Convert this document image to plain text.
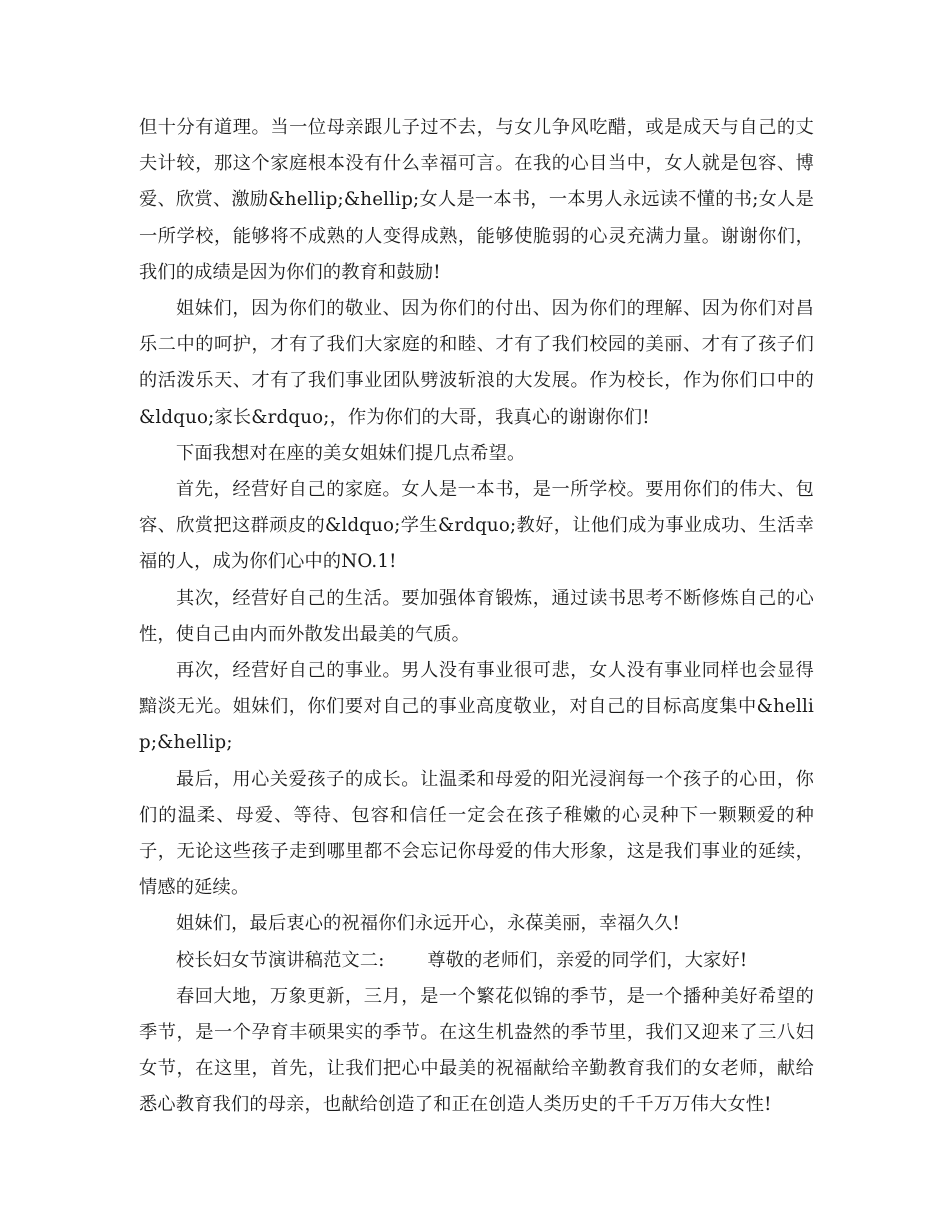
但十分有道理。当一位母亲跟儿子过不去，与女儿争风吃醋，或是成天与自己的丈夫计较，那这个家庭根本没有什么幸福可言。在我的心目当中，女人就是包容、博爱、欣赏、激励&hellip;&hellip;女人是一本书，一本男人永远读不懂的书;女人是一所学校，能够将不成熟的人变得成熟，能够使脆弱的心灵充满力量。谢谢你们，我们的成绩是因为你们的教育和鼓励!

姐妹们，因为你们的敬业、因为你们的付出、因为你们的理解、因为你们对昌乐二中的呵护，才有了我们大家庭的和睦、才有了我们校园的美丽、才有了孩子们的活泼乐天、才有了我们事业团队劈波斩浪的大发展。作为校长，作为你们口中的&ldquo;家长&rdquo;，作为你们的大哥，我真心的谢谢你们!

下面我想对在座的美女姐妹们提几点希望。

首先，经营好自己的家庭。女人是一本书，是一所学校。要用你们的伟大、包容、欣赏把这群顽皮的&ldquo;学生&rdquo;教好，让他们成为事业成功、生活幸福的人，成为你们心中的NO.1!

其次，经营好自己的生活。要加强体育锻炼，通过读书思考不断修炼自己的心性，使自己由内而外散发出最美的气质。

再次，经营好自己的事业。男人没有事业很可悲，女人没有事业同样也会显得黯淡无光。姐妹们，你们要对自己的事业高度敬业，对自己的目标高度集中&hellip;&hellip;

最后，用心关爱孩子的成长。让温柔和母爱的阳光浸润每一个孩子的心田，你们的温柔、母爱、等待、包容和信任一定会在孩子稚嫩的心灵种下一颗颗爱的种子，无论这些孩子走到哪里都不会忘记你母爱的伟大形象，这是我们事业的延续，情感的延续。

姐妹们，最后衷心的祝福你们永远开心，永葆美丽，幸福久久!

校长妇女节演讲稿范文二:　　 尊敬的老师们，亲爱的同学们，大家好!

春回大地，万象更新，三月，是一个繁花似锦的季节，是一个播种美好希望的季节，是一个孕育丰硕果实的季节。在这生机盎然的季节里，我们又迎来了三八妇女节，在这里，首先，让我们把心中最美的祝福献给辛勤教育我们的女老师，献给悉心教育我们的母亲，也献给创造了和正在创造人类历史的千千万万伟大女性!
